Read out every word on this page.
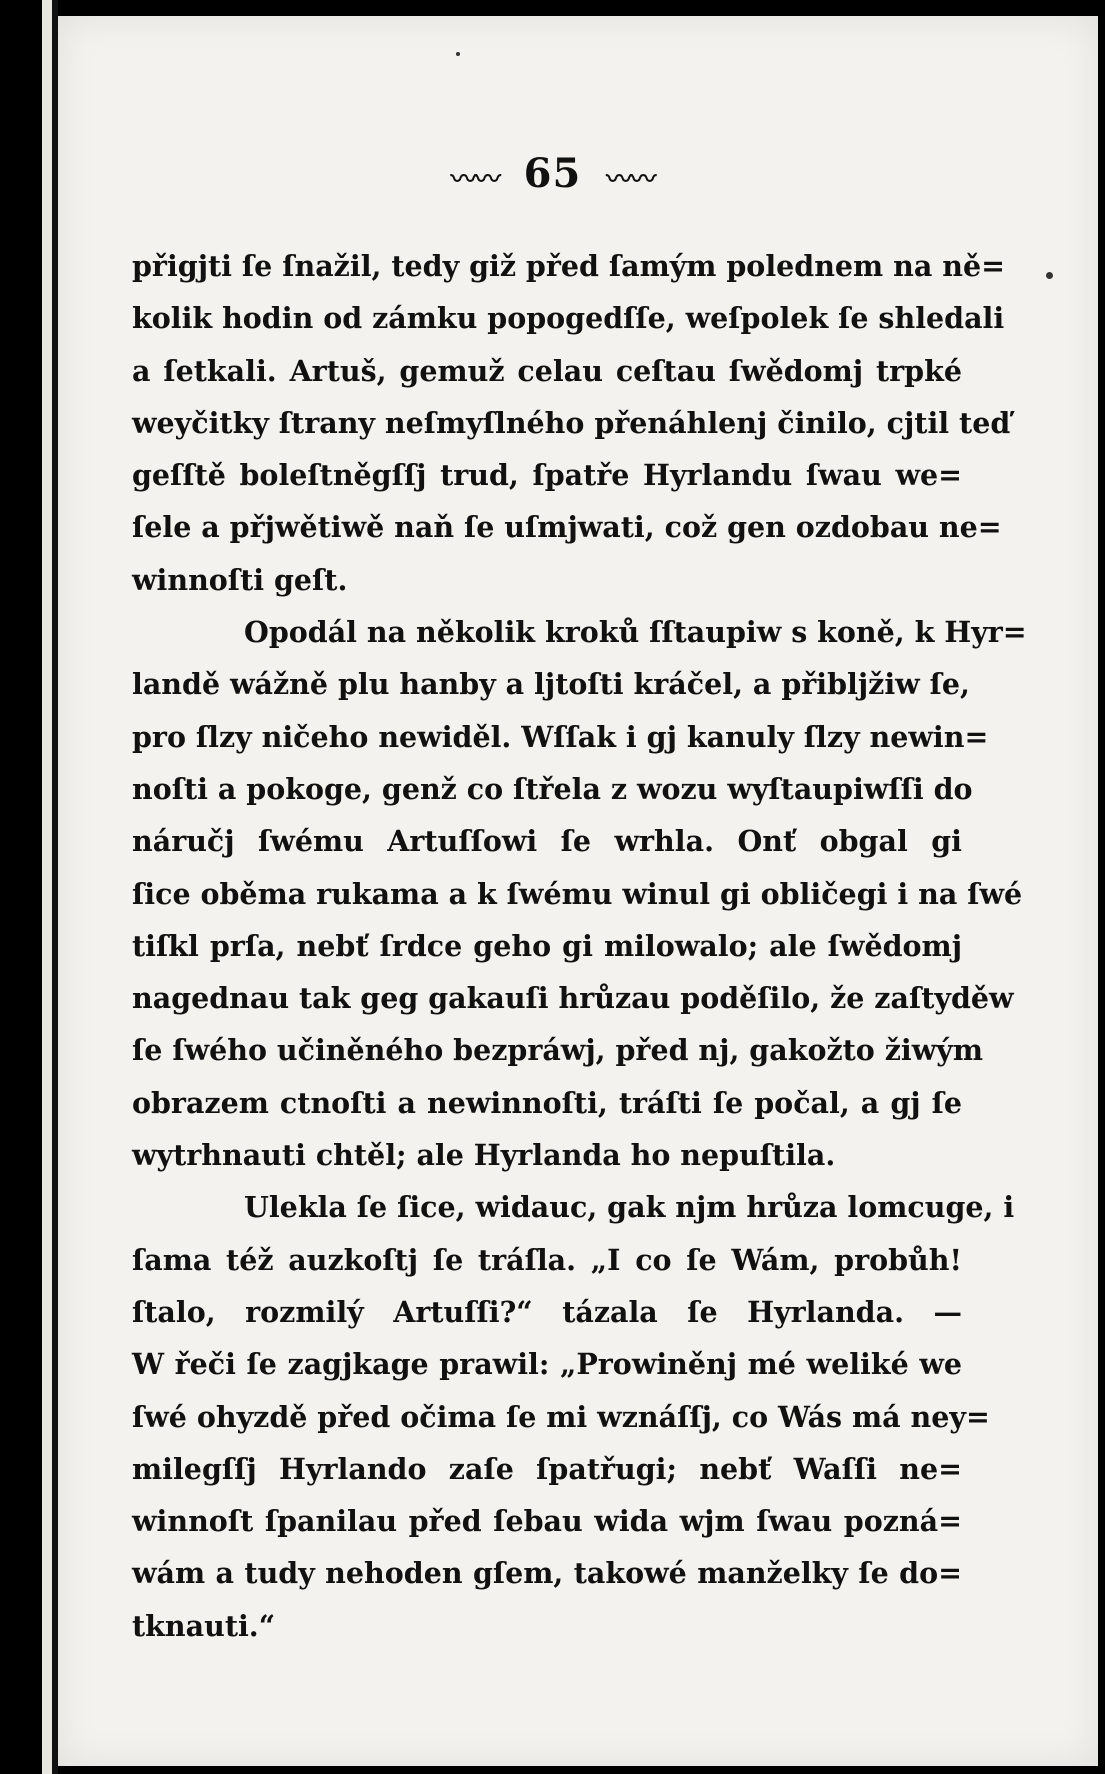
〰〰 65 〰〰
přigjti ſe ſnažil, tedy giž před ſamým polednem na ně=
kolik hodin od zámku popogedſſe, weſpolek ſe shledali
a ſetkali. Artuš, gemuž celau ceſtau ſwědomj trpké
weyčitky ſtrany neſmyſlného přenáhlenj činilo, cjtil teď
geſſtě boleſtněgſſj trud, ſpatře Hyrlandu ſwau we=
ſele a přjwětiwě naň ſe uſmjwati, což gen ozdobau ne=
winnoſti geſt.
Opodál na několik kroků ſſtaupiw s koně, k Hyr=
landě wážně plu hanby a ljtoſti kráčel, a přibljžiw ſe,
pro ſlzy ničeho newiděl. Wſſak i gj kanuly ſlzy newin=
noſti a pokoge, genž co ſtřela z wozu wyſtaupiwſſi do
náručj ſwému Artuſſowi ſe wrhla. Onť obgal gi
ſice oběma rukama a k ſwému winul gi obličegi i na ſwé
tiſkl prſa, nebť ſrdce geho gi milowalo; ale ſwědomj
nagednau tak geg gakauſi hrůzau poděſilo, že zaſtyděw
ſe ſwého učiněného bezpráwj, před nj, gakožto žiwým
obrazem ctnoſti a newinnoſti, tráſti ſe počal, a gj ſe
wytrhnauti chtěl; ale Hyrlanda ho nepuſtila.
Ulekla ſe ſice, widauc, gak njm hrůza lomcuge, i
ſama též auzkoſtj ſe tráſla. „I co ſe Wám, probůh!
ſtalo, rozmilý Artuſſi?“ tázala ſe Hyrlanda. —
W řeči ſe zagjkage prawil: „Prowiněnj mé weliké we
ſwé ohyzdě před očima ſe mi wznáſſj, co Wás má ney=
milegſſj Hyrlando zaſe ſpatřugi; nebť Waſſi ne=
winnoſt ſpanilau před ſebau wida wjm ſwau pozná=
wám a tudy nehoden gſem, takowé manželky ſe do=
tknauti.“
